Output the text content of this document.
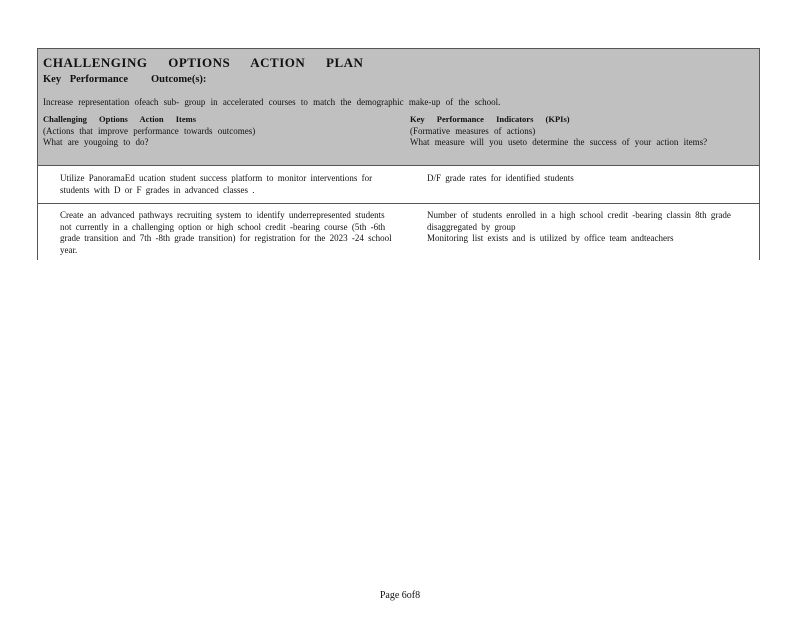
CHALLENGING OPTIONS ACTION PLAN
Key Performance	Outcome(s):
Increase representation ofeach sub- group in accelerated courses to match the demographic make-up of the school.
Challenging Options Action Items
(Actions that improve performance towards outcomes)
What are yougoing to do?
Key Performance Indicators (KPIs)
(Formative measures of actions)
What measure will you useto determine the success of your action items?
Utilize PanoramaEd ucation student success platform to monitor interventions for students with D or F grades in advanced classes .
D/F grade rates for identified students
Create an advanced pathways recruiting system to identify underrepresented students not currently in a challenging option or high school credit -bearing course (5th -6th grade transition and 7th -8th grade transition) for registration for the 2023 -24 school year.
Number of students enrolled in a high school credit -bearing classin 8th grade disaggregated by group
Monitoring list exists and is utilized by office team andteachers
Page 6of8
